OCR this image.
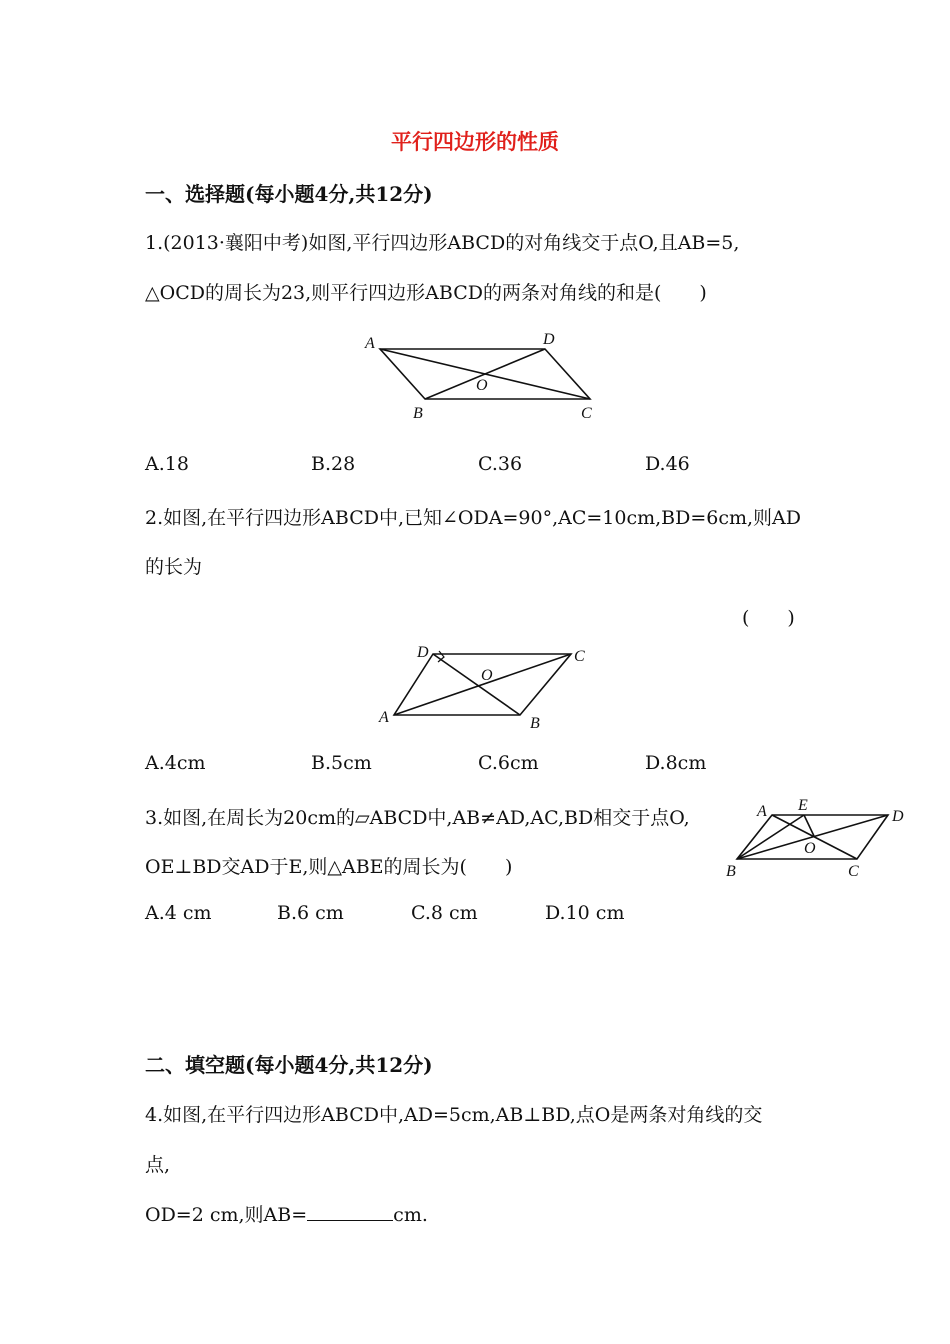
平行四边形的性质
一、选择题(每小题4分,共12分)
1.(2013·襄阳中考)如图,平行四边形ABCD的对角线交于点O,且AB=5,
△OCD的周长为23,则平行四边形ABCD的两条对角线的和是(　　)
A	D
O
B	C
A.18	B.28	C.36	D.46
2.如图,在平行四边形ABCD中,已知∠ODA=90°,AC=10cm,BD=6cm,则AD
的长为
(　　)
D	C
O
A	B
A.4cm	B.5cm	C.6cm	D.8cm
3.如图,在周长为20cm的▱ABCD中,AB≠AD,AC,BD相交于点O,
OE⊥BD交AD于E,则△ABE的周长为(　　)
A E
D
O
B	C
A.4 cm	B.6 cm	C.8 cm	D.10 cm
二、填空题(每小题4分,共12分)
4.如图,在平行四边形ABCD中,AD=5cm,AB⊥BD,点O是两条对角线的交
点,
OD=2 cm,则AB=	cm.
